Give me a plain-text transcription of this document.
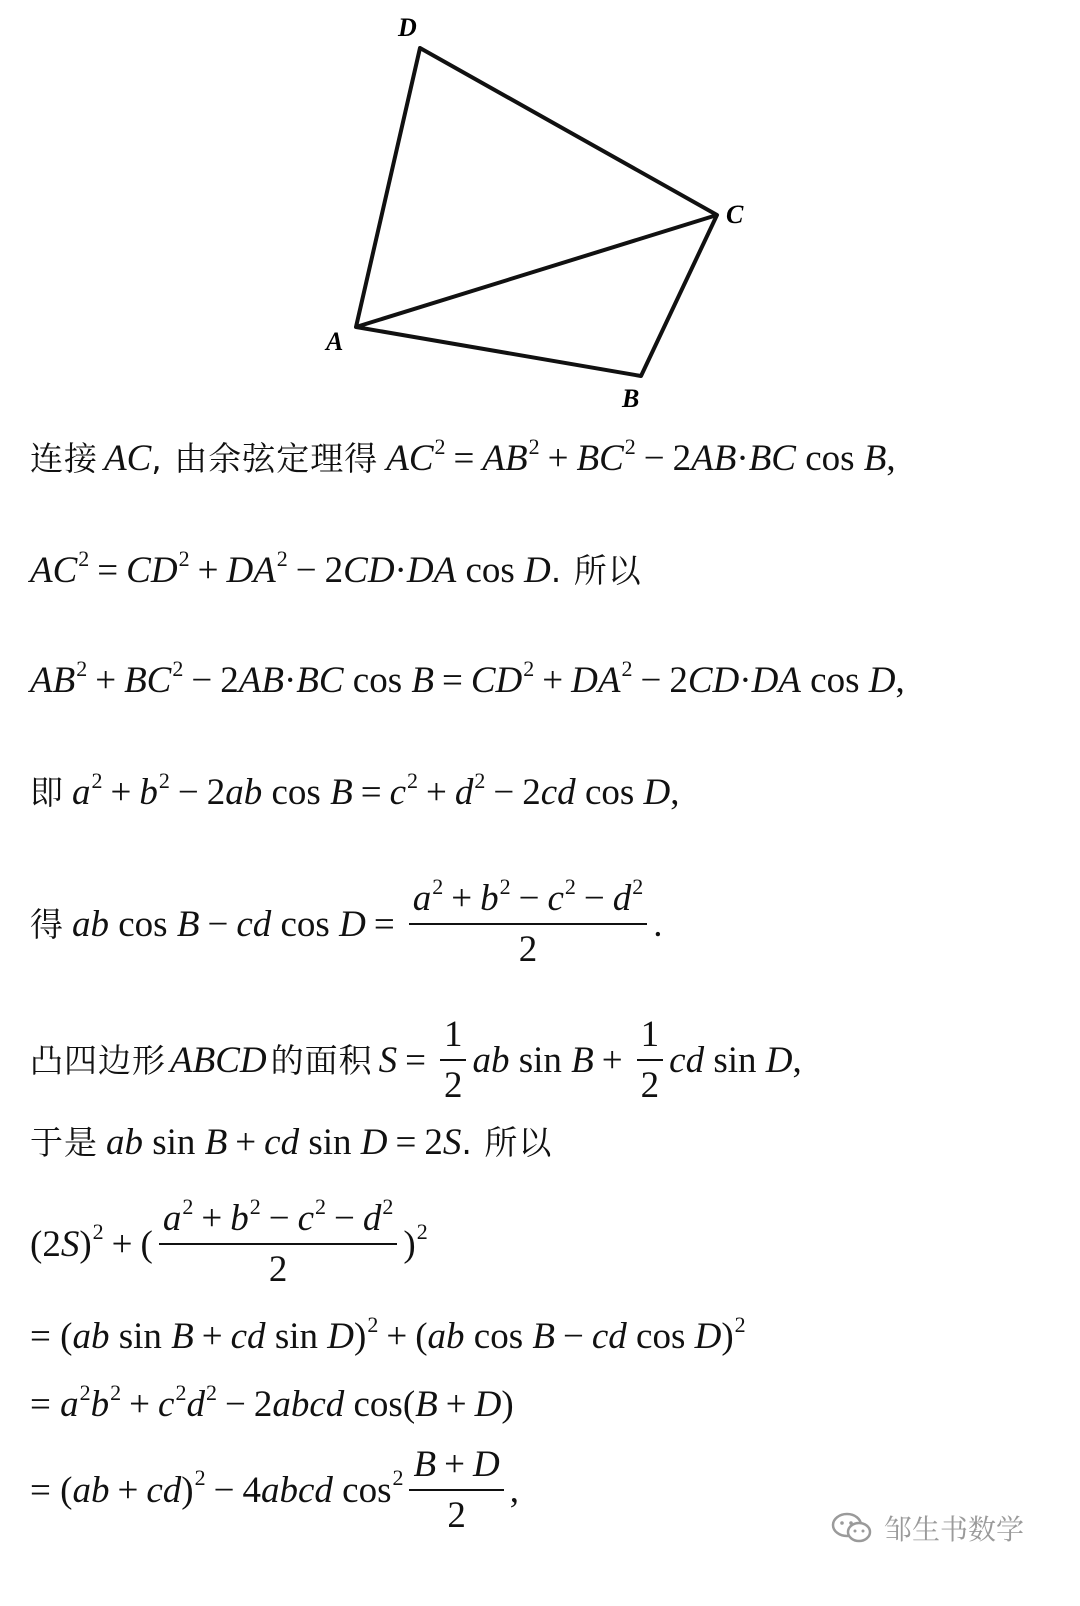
D
C
A
B
连接 AC , 由余弦定理得 $AC^2 = AB^2 + BC^2 - 2AB\cdot BC$ cos B,
$AC^2 = CD^2 + DA^2 - 2CD\cdot DA$ cos D . 所以
$AB^2 + BC^2 - 2AB\cdot BC$ $\cos B = CD^2 + DA^2 - 2CD\cdot DA$ cos D,
即 $a^2 + b^2 - 2ab$ $\cos B = c^2 + d^2 - 2cd$ cos D,
得 ab cos B − cd $\cos D = \frac{a^2 + b^2 - c^2 - d^2}{2}$ .
凸四边形 ABCD 的面积 $S = \frac{1}{2}$ ab $\sin B + \frac{1}{2}$ cd sin D,
于是 ab sin B + cd sin D = 2S . 所以
$(2S)^2$ + ( $\frac{a^2 + b^2 - c^2 - d^2}{2} )^2$
= (ab sin B + cd sin D)$^2$ + (ab cos B − cd cos D)$^2$
= $a^2b^2 + c^2d^2$ − 2abcd cos(B + D)
= (ab + cd)$^2$ − 4abcd $\cos^2 \frac{B + D}{2}$ ,
邹生书数学
